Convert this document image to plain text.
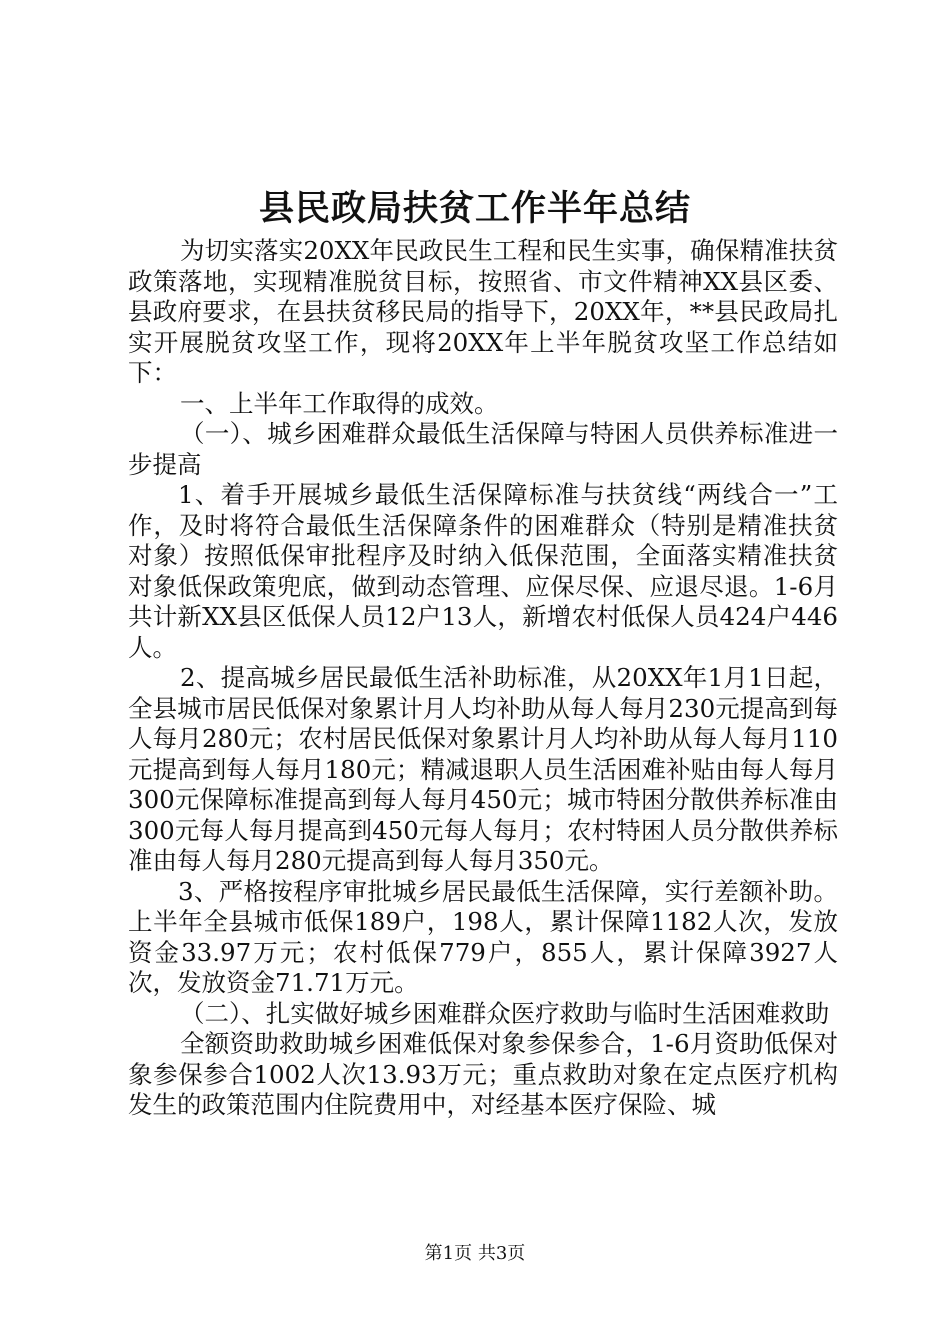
县民政局扶贫工作半年总结

为切实落实20XX年民政民生工程和民生实事，确保精准扶贫政策落地，实现精准脱贫目标，按照省、市文件精神XX县区委、县政府要求，在县扶贫移民局的指导下，20XX年，**县民政局扎实开展脱贫攻坚工作，现将20XX年上半年脱贫攻坚工作总结如下：

一、上半年工作取得的成效。

（一）、城乡困难群众最低生活保障与特困人员供养标准进一步提高

1、着手开展城乡最低生活保障标准与扶贫线“两线合一”工作，及时将符合最低生活保障条件的困难群众（特别是精准扶贫对象）按照低保审批程序及时纳入低保范围，全面落实精准扶贫对象低保政策兜底，做到动态管理、应保尽保、应退尽退。1-6月共计新XX县区低保人员12户13人，新增农村低保人员424户446人。

2、提高城乡居民最低生活补助标准，从20XX年1月1日起，全县城市居民低保对象累计月人均补助从每人每月230元提高到每人每月280元；农村居民低保对象累计月人均补助从每人每月110元提高到每人每月180元；精减退职人员生活困难补贴由每人每月300元保障标准提高到每人每月450元；城市特困分散供养标准由300元每人每月提高到450元每人每月；农村特困人员分散供养标准由每人每月280元提高到每人每月350元。

3、严格按程序审批城乡居民最低生活保障，实行差额补助。上半年全县城市低保189户，198人，累计保障1182人次，发放资金33.97万元；农村低保779户，855人，累计保障3927人次，发放资金71.71万元。

（二）、扎实做好城乡困难群众医疗救助与临时生活困难救助

全额资助救助城乡困难低保对象参保参合，1-6月资助低保对象参保参合1002人次13.93万元；重点救助对象在定点医疗机构发生的政策范围内住院费用中，对经基本医疗保险、城

第1页 共3页
